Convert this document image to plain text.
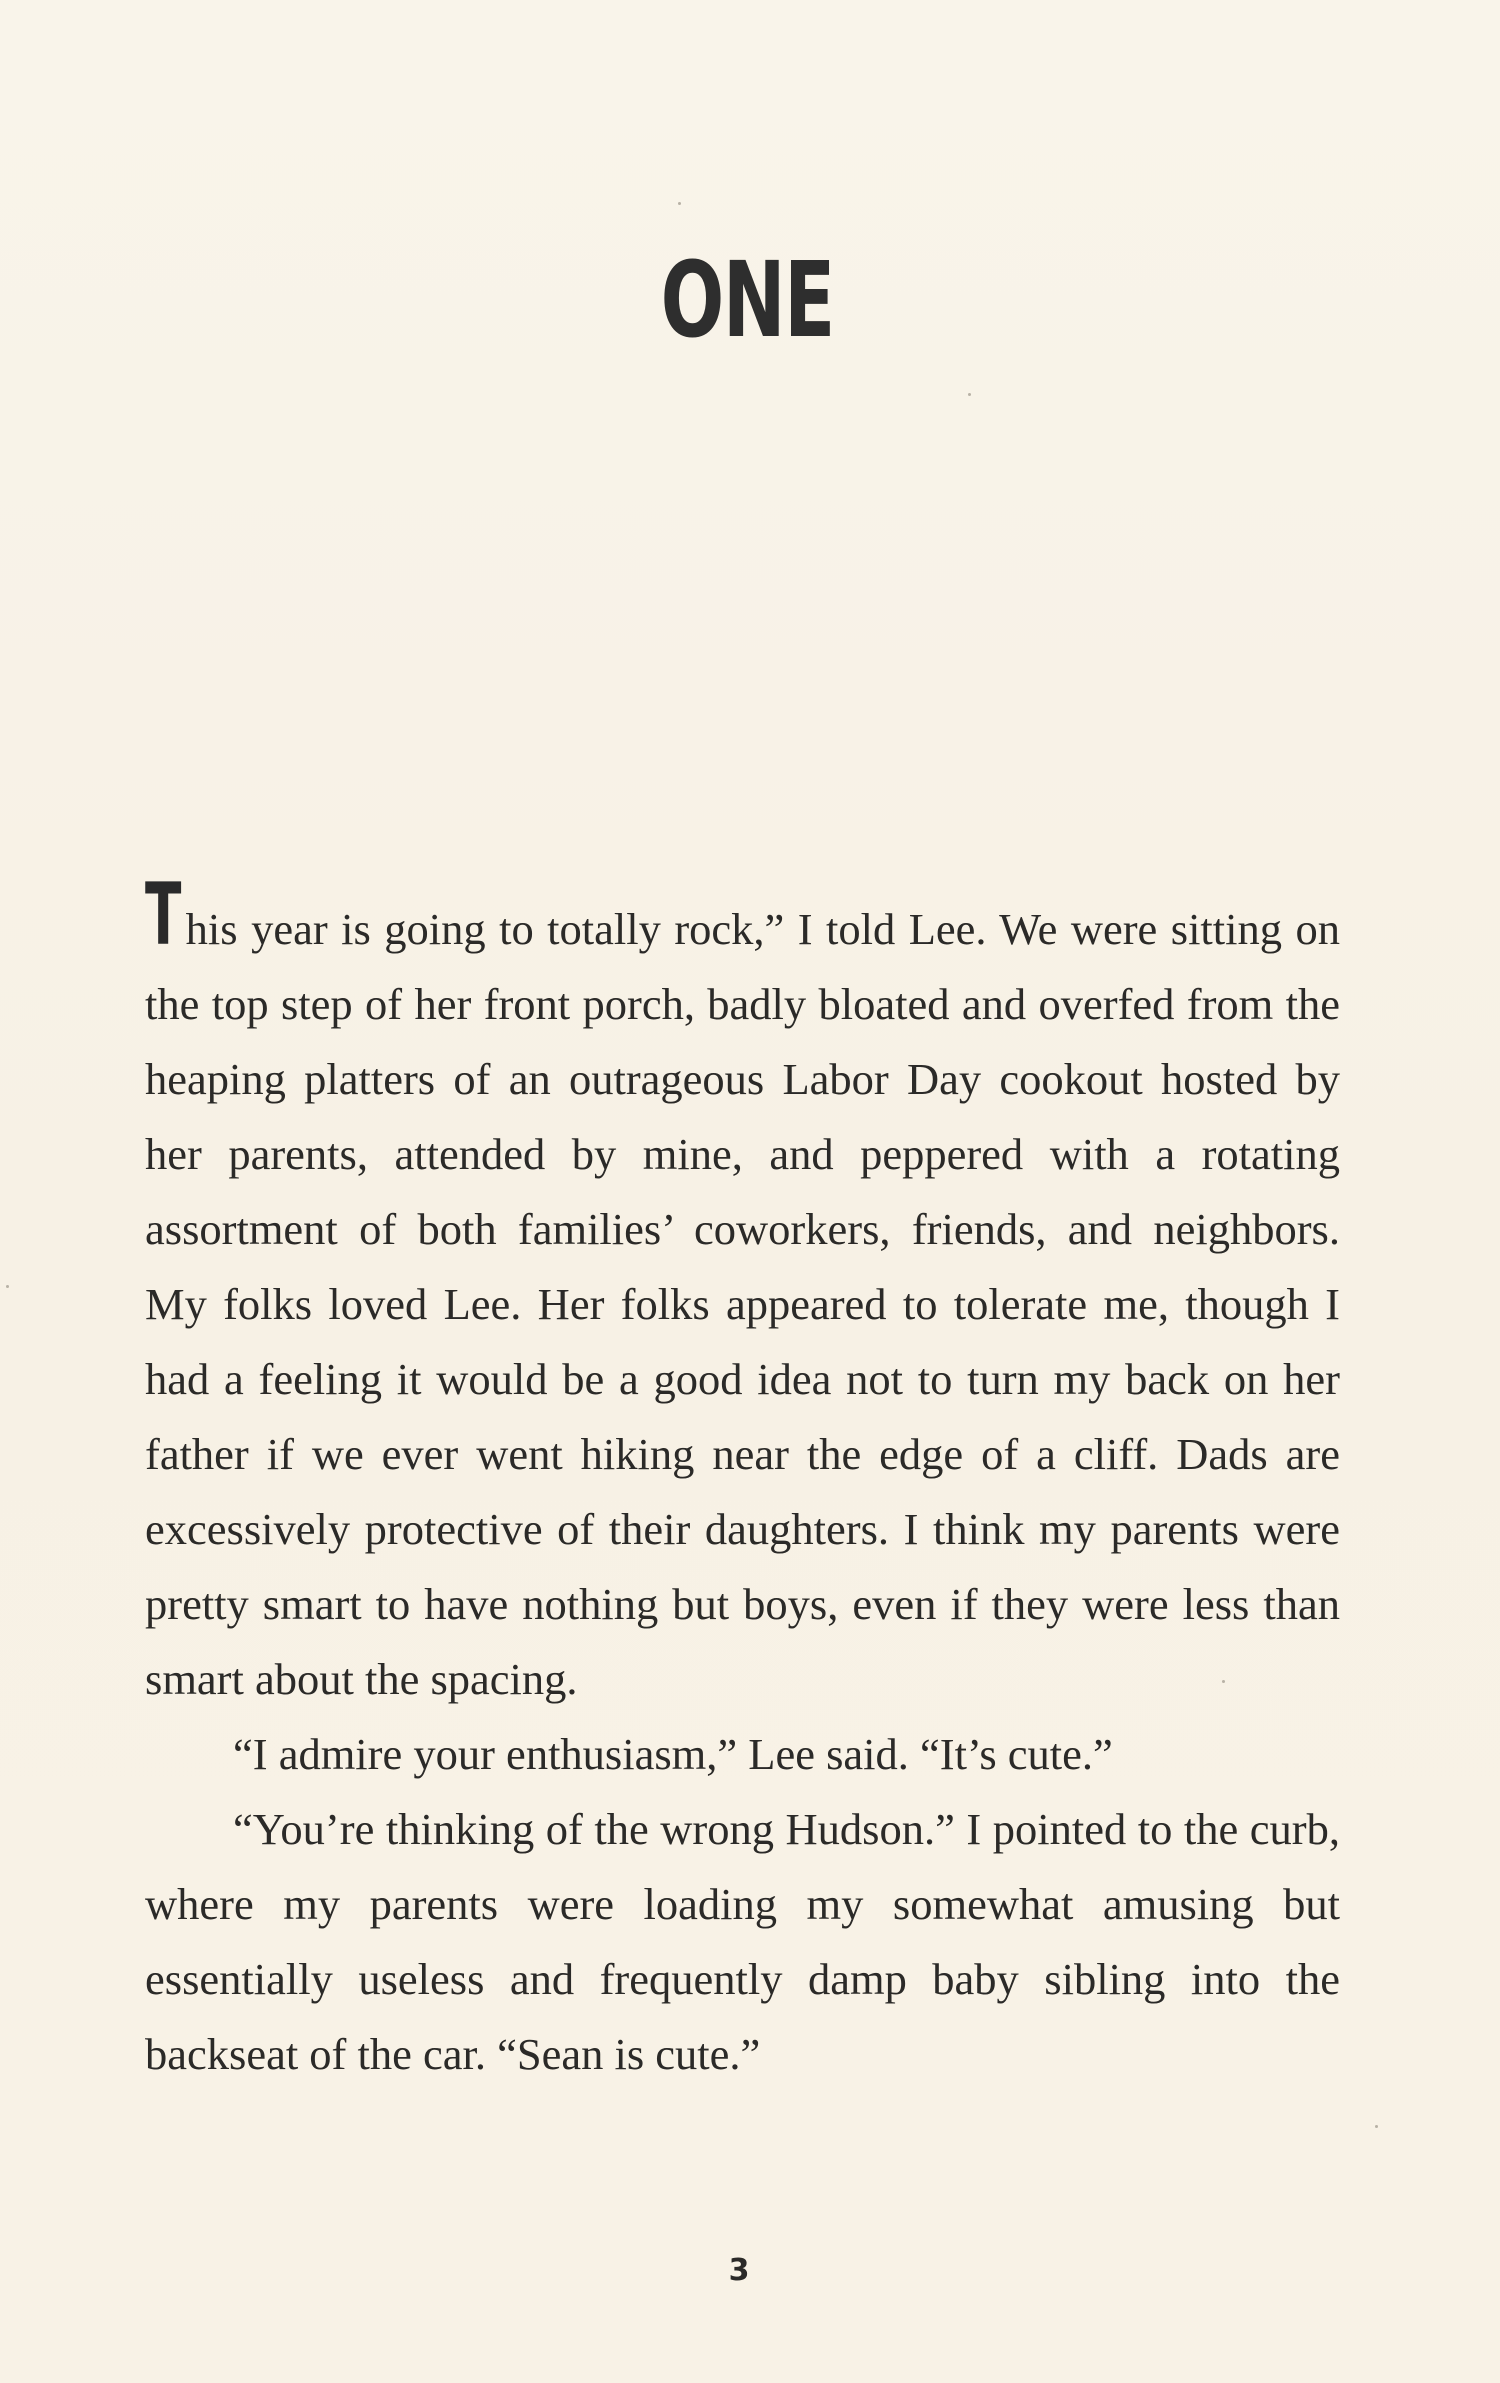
ONE

This year is going to totally rock,” I told Lee. We were sitting on the top step of her front porch, badly bloated and overfed from the heaping platters of an outrageous Labor Day cookout hosted by her parents, attended by mine, and peppered with a rotating assortment of both families’ coworkers, friends, and neighbors. My folks loved Lee. Her folks appeared to tolerate me, though I had a feeling it would be a good idea not to turn my back on her father if we ever went hiking near the edge of a cliff. Dads are excessively protective of their daughters. I think my parents were pretty smart to have nothing but boys, even if they were less than smart about the spacing.

“I admire your enthusiasm,” Lee said. “It’s cute.”

“You’re thinking of the wrong Hudson.” I pointed to the curb, where my parents were loading my somewhat amusing but essentially useless and frequently damp baby sibling into the backseat of the car. “Sean is cute.”

3
